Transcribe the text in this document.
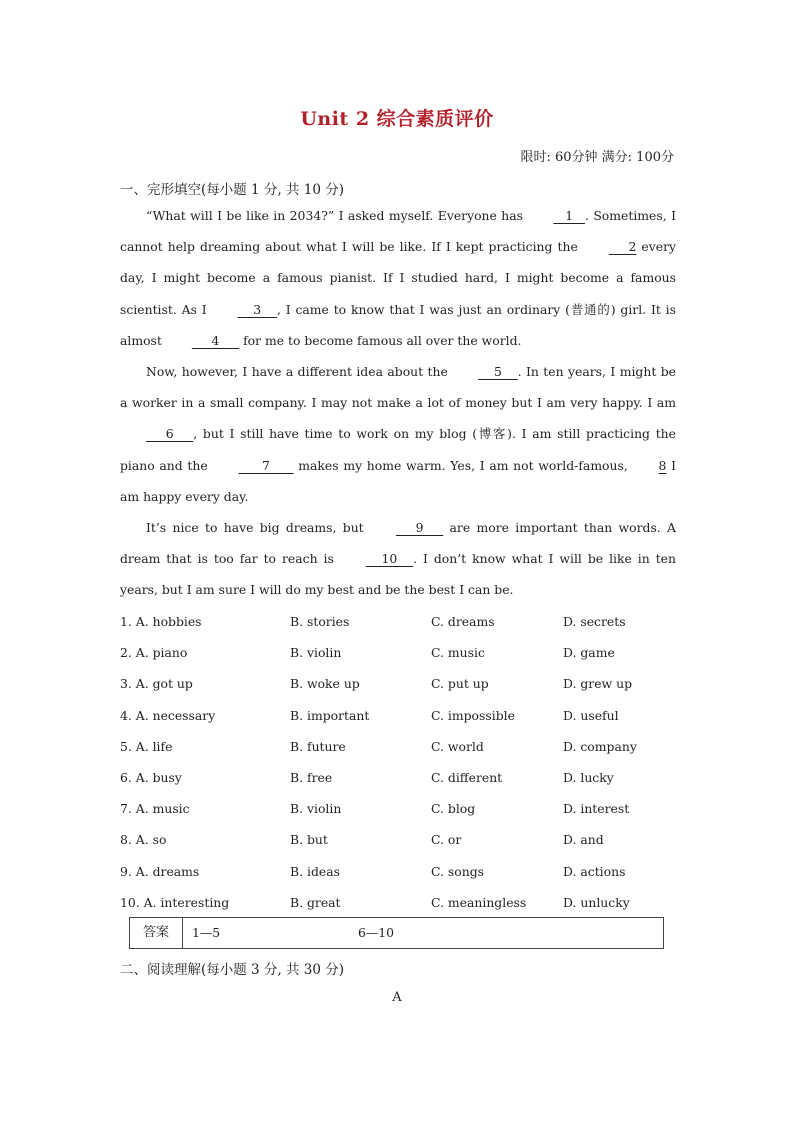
Unit 2 综合素质评价
限时: 60分钟 满分: 100分
一、完形填空(每小题 1 分, 共 10 分)

“What will I be like in 2034?” I asked myself. Everyone has    1   . Sometimes, I cannot help dreaming about what I will be like. If I kept practicing the      2 every day, I might become a famous pianist. If I studied hard, I might become a famous scientist. As I     3    , I came to know that I was just an ordinary (普通的) girl. It is almost      4      for me to become famous all over the world.

Now, however, I have a different idea about the     5    . In ten years, I might be a worker in a small company. I may not make a lot of money but I am very happy. I am      6     , but I still have time to work on my blog (博客). I am still practicing the piano and the       7       makes my home warm. Yes, I am not world-famous, 8 I am happy every day.

It’s nice to have big dreams, but      9      are more important than words. A dream that is too far to reach is     10    . I don’t know what I will be like in ten years, but I am sure I will do my best and be the best I can be.

1. A. hobbies	B. stories	C. dreams	D. secrets
2. A. piano	B. violin	C. music	D. game
3. A. got up	B. woke up	C. put up	D. grew up
4. A. necessary	B. important	C. impossible	D. useful
5. A. life	B. future	C. world	D. company
6. A. busy	B. free	C. different	D. lucky
7. A. music	B. violin	C. blog	D. interest
8. A. so	B. but	C. or	D. and
9. A. dreams	B. ideas	C. songs	D. actions
10. A. interesting	B. great	C. meaningless	D. unlucky
答案	1—5	6—10
二、阅读理解(每小题 3 分, 共 30 分)
A
